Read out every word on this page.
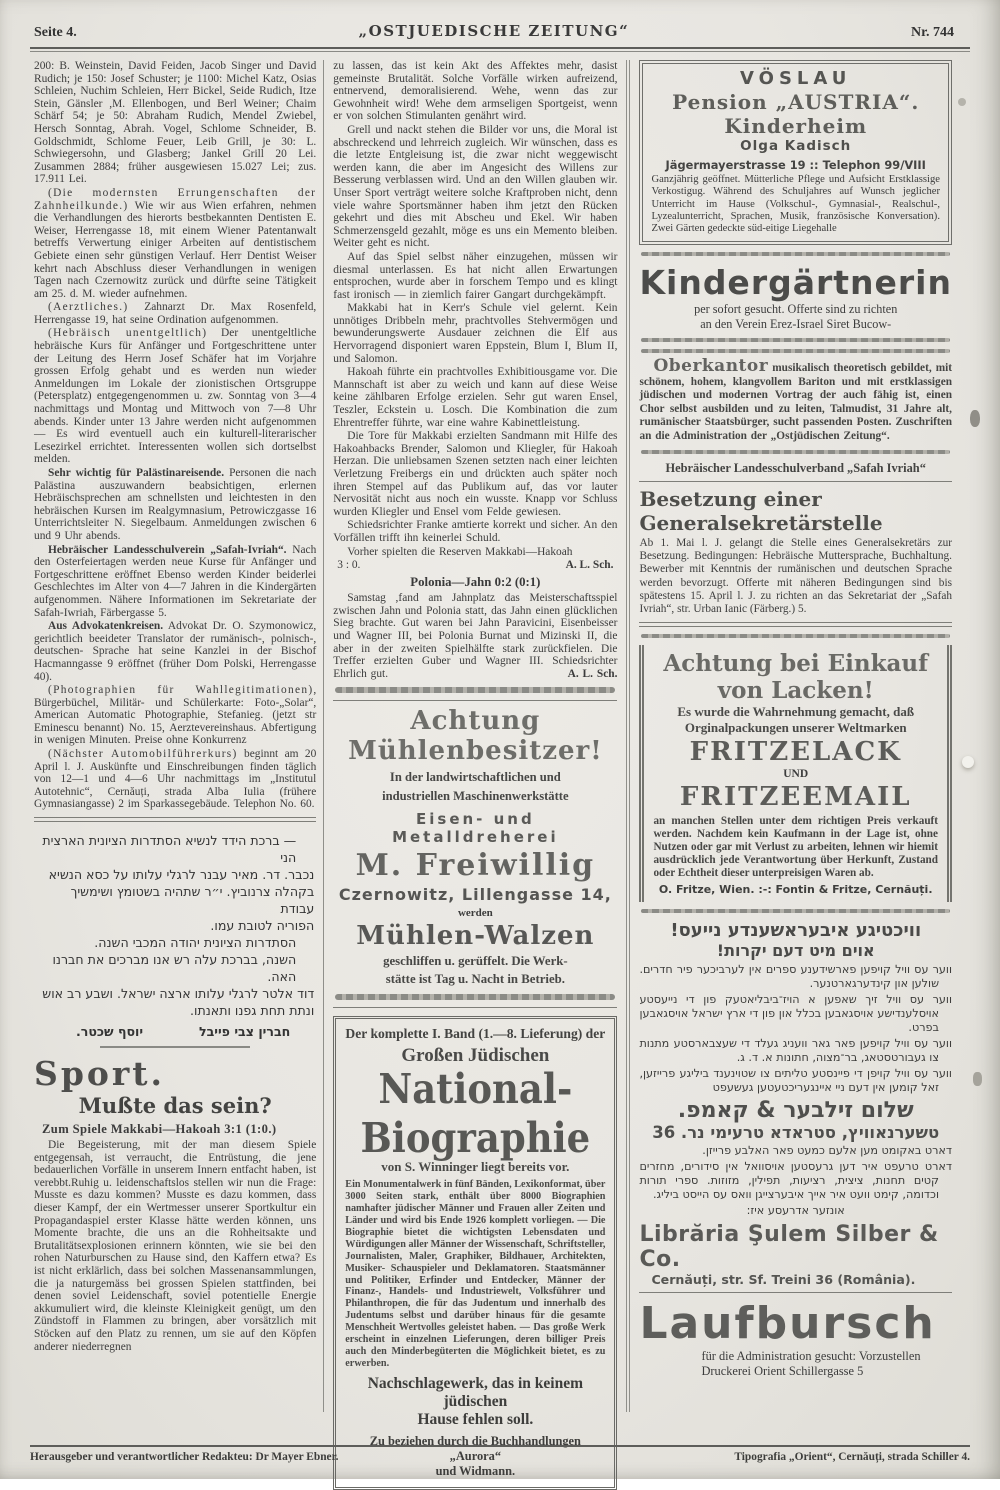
Seite 4.	„OSTJUEDISCHE ZEITUNG“	Nr. 744

200: B. Weinstein, David Feiden, Jacob Singer und David Rudich; je 150: Josef Schuster; je 1100: Michel Katz, Osias Schleien, Nuchim Schleien, Herr Bickel, Seide Rudich, Itze Stein, Gänsler ,M. Ellenbogen, und Berl Weiner; Chaim Schärf 54; je 50: Abraham Rudich, Mendel Zwiebel, Hersch Sonntag, Abrah. Vogel, Schlome Schneider, B. Goldschmidt, Schlome Feuer, Leib Grill, je 30: L. Schwiegersohn, und Glasberg; Jankel Grill 20 Lei. Zusammen 2884; früher ausgewiesen 15.027 Lei; zus. 17.911 Lei.

(Die modernsten Errungenschaften der Zahnheilkunde.) Wie wir aus Wien erfahren, nehmen die Verhandlungen des hierorts bestbekannten Dentisten E. Weiser, Herrengasse 18, mit einem Wiener Patentanwalt betreffs Verwertung einiger Arbeiten auf dentistischem Gebiete einen sehr günstigen Verlauf. Herr Dentist Weiser kehrt nach Abschluss dieser Verhandlungen in wenigen Tagen nach Czernowitz zurück und dürfte seine Tätigkeit am 25. d. M. wieder aufnehmen.

(Aerztliches.) Zahnarzt Dr. Max Rosenfeld, Herrengasse 19, hat seine Ordination aufgenommen.

(Hebräisch unentgeltlich) Der unentgeltliche hebräische Kurs für Anfänger und Fortgeschrittene unter der Leitung des Herrn Josef Schäfer hat im Vorjahre grossen Erfolg gehabt und es werden nun wieder Anmeldungen im Lokale der zionistischen Ortsgruppe (Petersplatz) entgegengenommen u. zw. Sonntag von 3—4 nachmittags und Montag und Mittwoch von 7—8 Uhr abends. Kinder unter 13 Jahre werden nicht aufgenommen — Es wird eventuell auch ein kulturell-literarischer Lesezirkel errichtet. Interessenten wollen sich dortselbst melden.

Sehr wichtig für Palästinareisende. Personen die nach Palästina auszuwandern beabsichtigen, erlernen Hebräischsprechen am schnellsten und leichtesten in den hebräischen Kursen im Realgymnasium, Petrowiczgasse 16 Unterrichtsleiter N. Siegelbaum. Anmeldungen zwischen 6 und 9 Uhr abends.

Hebräischer Landesschulverein „Safah-Ivriah“. Nach den Osterfeiertagen werden neue Kurse für Anfänger und Fortgeschrittene eröffnet Ebenso werden Kinder beiderlei Geschlechtes im Alter von 4—7 Jahren in die Kindergärten aufgenommen. Nähere Informationen im Sekretariate der Safah-Iwriah, Färbergasse 5.

Aus Advokatenkreisen. Advokat Dr. O. Szymonowicz, gerichtlich beeideter Translator der rumänisch-, polnisch-, deutschen- Sprache hat seine Kanzlei in der Bischof Hacmanngasse 9 eröffnet (früher Dom Polski, Herrengasse 40).

(Photographien für Wahllegitimationen), Bürgerbüchel, Militär- und Schülerkarte: Foto-„Solar“, American Automatic Photographie, Stefanieg. (jetzt str Eminescu benannt) No. 15, Aerztevereinshaus. Abfertigung in wenigen Minuten. Preise ohne Konkurrenz

(Nächster Automobilführerkurs) beginnt am 20 April l. J. Auskünfte und Einschreibungen finden täglich von 12—1 und 4—6 Uhr nachmittags im „Institutul Autotehnic“, Cernăuți, strada Alba Iulia (frühere Gymnasiangasse) 2 im Sparkassegebäude. Telephon No. 60.

— ברכת הידד לנשיא הסתדרות הציונית הארצית הני
נכבר. דר. מאיר עבנר לרגלי עלותו על כסא הנשיא
בקהלה צרנוביץ. י״ר שתהיה בשטומץ ושימשיך עבודת
הפוריה לטובת עמו.
הסתדרות הציונית יהודה המכבי השנה.
השנה, בברכת עלה רש אנו מברכים את חברנו האה.
דוד אלטר לרגלי עלותו ארצה ישראל. ושבע רב אוש
ונתת תחת גפנו ותאנתו.
חברין צבי פייבל
יוסף שכטר.
Sport.
Mußte das sein?
Zum Spiele Makkabi—Hakoah 3:1 (1:0.)

Die Begeisterung, mit der man diesem Spiele entgegensah, ist verraucht, die Entrüstung, die jene bedauerlichen Vorfälle in unserem Innern entfacht haben, ist verebbt.Ruhig u. leidenschaftslos stellen wir nun die Frage: Musste es dazu kommen? Musste es dazu kommen, dass dieser Kampf, der ein Wertmesser unserer Sportkultur ein Propagandaspiel erster Klasse hätte werden können, uns Momente brachte, die uns an die Rohheitsakte und Brutalitätsexplosionen erinnern könnten, wie sie bei den rohen Naturburschen zu Hause sind, den Kaffern etwa? Es ist nicht erklärlich, dass bei solchen Massenansammlungen, die ja naturgemäss bei grossen Spielen stattfinden, bei denen soviel Leidenschaft, soviel potentielle Energie akkumuliert wird, die kleinste Kleinigkeit genügt, um den Zündstoff in Flammen zu bringen, aber vorsätzlich mit Stöcken auf den Platz zu rennen, um sie auf den Köpfen anderer niederregnen

zu lassen, das ist kein Akt des Affektes mehr, dasist gemeinste Brutalität. Solche Vorfälle wirken aufreizend, entnervend, demoralisierend. Wehe, wenn das zur Gewohnheit wird! Wehe dem armseligen Sportgeist, wenn er von solchen Stimulanten genährt wird.

Grell und nackt stehen die Bilder vor uns, die Moral ist abschreckend und lehrreich zugleich. Wir wünschen, dass es die letzte Entgleisung ist, die zwar nicht weggewischt werden kann, die aber im Angesicht des Willens zur Besserung verblassen wird. Und an den Willen glauben wir. Unser Sport verträgt weitere solche Kraftproben nicht, denn viele wahre Sportsmänner haben ihm jetzt den Rücken gekehrt und dies mit Abscheu und Ekel. Wir haben Schmerzensgeld gezahlt, möge es uns ein Memento bleiben. Weiter geht es nicht.

Auf das Spiel selbst näher einzugehen, müssen wir diesmal unterlassen. Es hat nicht allen Erwartungen entsprochen, wurde aber in forschem Tempo und es klingt fast ironisch — in ziemlich fairer Gangart durchgekämpft.

Makkabi hat in Kerr's Schule viel gelernt. Kein unnötiges Dribbeln mehr, prachtvolles Stehvermögen und bewunderungswerte Ausdauer zeichnen die Elf aus Hervorragend disponiert waren Eppstein, Blum I, Blum II, und Salomon.

Hakoah führte ein prachtvolles Exhibitiousgame vor. Die Mannschaft ist aber zu weich und kann auf diese Weise keine zählbaren Erfolge erzielen. Sehr gut waren Ensel, Teszler, Eckstein u. Losch. Die Kombination die zum Ehrentreffer führte, war eine wahre Kabinettleistung.

Die Tore für Makkabi erzielten Sandmann mit Hilfe des Hakoahbacks Brender, Salomon und Kliegler, für Hakoah Herzan. Die unliebsamen Szenen setzten nach einer leichten Verletzung Freibergs ein und drückten auch später noch ihren Stempel auf das Publikum auf, das vor lauter Nervosität nicht aus noch ein wusste. Knapp vor Schluss wurden Kliegler und Ensel vom Felde gewiesen.

Schiedsrichter Franke amtierte korrekt und sicher. An den Vorfällen trifft ihn keinerlei Schuld.

Vorher spielten die Reserven Makkabi—Hakoah

3 : 0.	A. L. Sch.
Polonia—Jahn 0:2 (0:1)

Samstag ,fand am Jahnplatz das Meisterschaftsspiel zwischen Jahn und Polonia statt, das Jahn einen glücklichen Sieg brachte. Gut waren bei Jahn Paravicini, Eisenbeisser und Wagner III, bei Polonia Burnat und Mizinski II, die aber in der zweiten Spielhälfte stark zurückfielen. Die Treffer erzielten Guber und Wagner III. Schiedsrichter Ehrlich gut.	A. L. Sch.

Achtung Mühlenbesitzer!
In der landwirtschaftlichen und
industriellen Maschinenwerkstätte
Eisen- und Metalldreherei
M. Freiwillig
Czernowitz, Lillengasse 14,
werden
Mühlen-Walzen
geschliffen u. gerüffelt. Die Werk-
stätte ist Tag u. Nacht in Betrieb.
Der komplette I. Band (1.—8. Lieferung) der
Großen Jüdischen
National-Biographie
von S. Winninger liegt bereits vor.
Ein Monumentalwerk in fünf Bänden, Lexikonformat, über 3000 Seiten stark, enthält über 8000 Biographien namhafter jüdischer Männer und Frauen aller Zeiten und Länder und wird bis Ende 1926 komplett vorliegen. — Die Biographie bietet die wichtigsten Lebensdaten und Würdigungen aller Männer der Wissenschaft, Schriftsteller, Journalisten, Maler, Graphiker, Bildhauer, Architekten, Musiker- Schauspieler und Deklamatoren. Staatsmänner und Politiker, Erfinder und Entdecker, Männer der Finanz-, Handels- und Industriewelt, Volksführer und Philanthropen, die für das Judentum und innerhalb des Judentums selbst und darüber hinaus für die gesamte Menschheit Wertvolles geleistet haben. — Das große Werk erscheint in einzelnen Lieferungen, deren billiger Preis auch den Minderbegüterten die Möglichkeit bietet, es zu erwerben.
Nachschlagewerk, das in keinem jüdischen
Hause fehlen soll.
Zu beziehen durch die Buchhandlungen „Aurora“
und Widmann.
VÖSLAU
Pension „AUSTRIA“. Kinderheim
Olga Kadisch
Jägermayerstrasse 19 :: Telephon 99/VIII
Ganzjährig geöffnet. Mütterliche Pflege und Aufsicht Erstklassige Verkostigug. Während des Schuljahres auf Wunsch jeglicher Unterricht im Hause (Volkschul-, Gymnasial-, Realschul-, Lyzealunterricht, Sprachen, Musik, französische Konversation). Zwei Gärten gedeckte süd-eitige Liegehalle
Kindergärtnerin
per sofort gesucht. Offerte sind zu richten
an den Verein Erez-Israel Siret Bucow-

Oberkantor musikalisch theoretisch gebildet, mit schönem, hohem, klangvollem Bariton und mit erstklassigen jüdischen und modernen Vortrag der auch fähig ist, einen Chor selbst ausbilden und zu leiten, Talmudist, 31 Jahre alt, rumänischer Staatsbürger, sucht passenden Posten. Zuschriften an die Administration der „Ostjüdischen Zeitung“.

Hebräischer Landesschulverband „Safah Ivriah“
Besetzung einer Generalsekretärstelle
Ab 1. Mai l. J. gelangt die Stelle eines Generalsekretärs zur Besetzung. Bedingungen: Hebräische Muttersprache, Buchhaltung. Bewerber mit Kenntnis der rumänischen und deutschen Sprache werden bevorzugt. Offerte mit näheren Bedingungen sind bis spätestens 15. April l. J. zu richten an das Sekretariat der „Safah Ivriah“, str. Urban Ianic (Färberg.) 5.
Achtung bei Einkauf von Lacken!
Es wurde die Wahrnehmung gemacht, daß
Orginalpackungen unserer Weltmarken
FRITZELACK
UND
FRITZEEMAIL
an manchen Stellen unter dem richtigen Preis verkauft werden. Nachdem kein Kaufmann in der Lage ist, ohne Nutzen oder gar mit Verlust zu arbeiten, lehnen wir hiemit ausdrücklich jede Verantwortung über Herkunft, Zustand oder Echtheit dieser unterpreisigen Waren ab.
O. Fritze, Wien. :-: Fontin & Fritze, Cernăuți.
וויכטיגע איבעראשענדע נייעס!
אוים מיט דעם יקרות!
ווער עס וויל קויפען פארשידענע ספרים אין לערביכער פיר חדרים. שולען און קינדערגארטנער.
ווער עס וויל זיך שאפען א הויז־ביבליאטעק פון די נייעסטע אויסלענדישע אויסגאבען בכלל און פון די ארץ ישראל אויסגאבען בפרט.
ווער עס וויל קויפען פאר גאר וועניג געלד די שעצבארסטע מתנות צו געבורטסטאג, בר־מצוה, חתונות א. ד. ג.
ווער עס וויל קויפן די פיינסטע טליתים צו שטוינענד ביליגע פרייזען, זאל קומען אין דעם ניי איינגעריכטעטען געשעפט
שלום זילבער & קאמפ.
טשערנאוויץ, סטראדא טרעימי נר. 36
דארט באקומט מען אלעם כמעט פאר האלבע פרייזן.
דארט טרעפט איר דען גרעסטען אויסוואל אין סידורים, מחזרים קטים תחנות, ציצית, רציעות, תפילין, מזוזות. ספרי תורות וכדומה, קימט וועט איר אייך איבערצייגן וואס עס הייסט ביליג.
אונזער אדרעסע איז:
Librăria Şulem Silber & Co.
Cernăuți, str. Sf. Treini 36 (România).
Laufbursch
für die Administration gesucht: Vorzustellen Druckerei Orient Schillergasse 5
Herausgeber und verantwortlicher Redakteu: Dr Mayer Ebner.	Tipografia „Orient“, Cernăuți, strada Schiller 4.
